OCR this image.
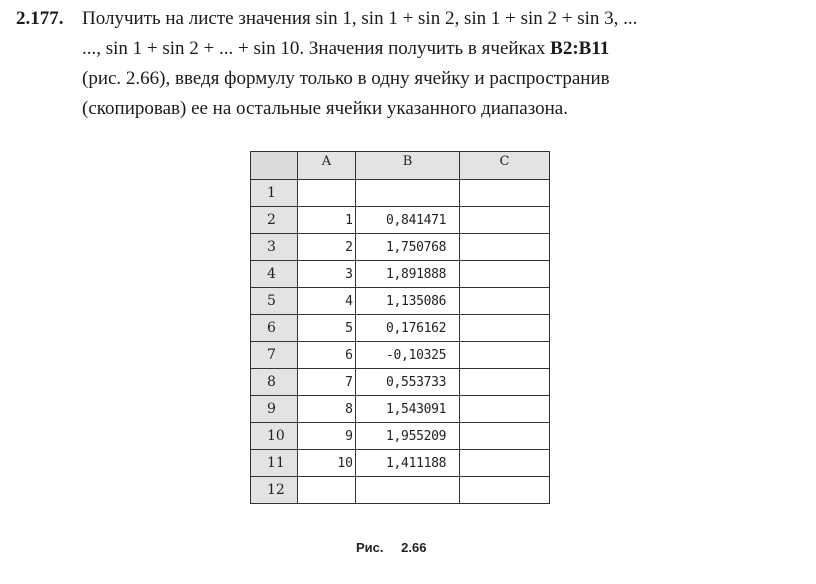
2.177. Получить на листе значения sin 1, sin 1 + sin 2, sin 1 + sin 2 + sin 3, ...
..., sin 1 + sin 2 + ... + sin 10. Значения получить в ячейках B2:B11
(рис. 2.66), введя формулу только в одну ячейку и распространив
(скопировав) ее на остальные ячейки указанного диапазона.
	A	B	C
1			
2	1	0,841471	
3	2	1,750768	
4	3	1,891888	
5	4	1,135086	
6	5	0,176162	
7	6	-0,10325	
8	7	0,553733	
9	8	1,543091	
10	9	1,955209	
11	10	1,411188	
12			
Рис. 2.66
